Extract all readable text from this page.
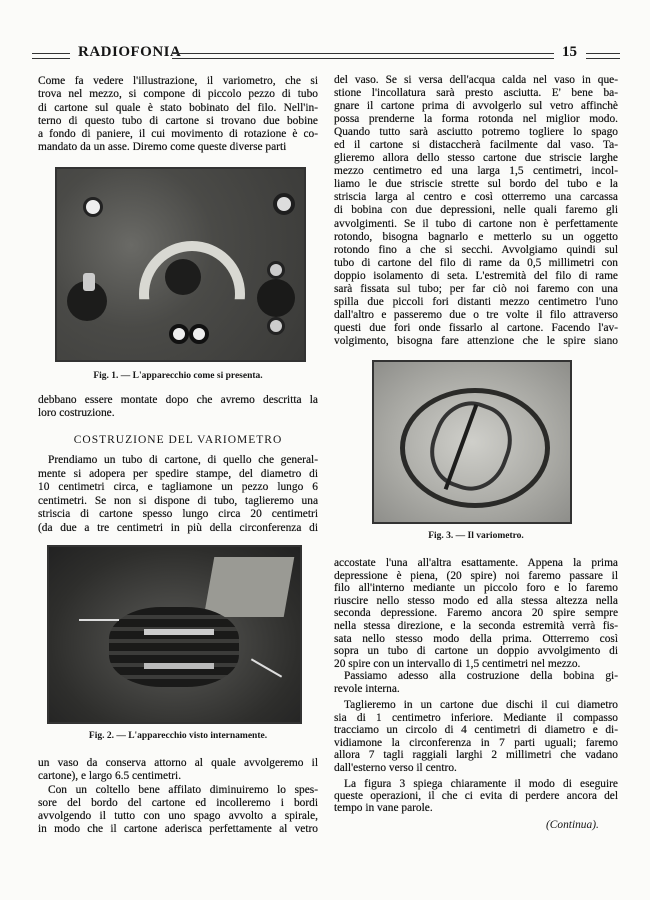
RADIOFONIA	15
Come fa vedere l'illustrazione, il variometro, che si
trova nel mezzo, si compone di piccolo pezzo di tubo
di cartone sul quale è stato bobinato del filo. Nell'in-
terno di questo tubo di cartone si trovano due bobine
a fondo di paniere, il cui movimento di rotazione è co-
mandato da un asse. Diremo come queste diverse parti
Fig. 1. — L'apparecchio come si presenta.
debbano essere montate dopo che avremo descritta la
loro costruzione.
COSTRUZIONE DEL VARIOMETRO
Prendiamo un tubo di cartone, di quello che general-
mente si adopera per spedire stampe, del diametro di
10 centimetri circa, e tagliamone un pezzo lungo 6
centimetri. Se non si dispone di tubo, taglieremo una
striscia di cartone spesso lungo circa 20 centimetri
(da due a tre centimetri in più della circonferenza di
Fig. 2. — L'apparecchio visto internamente.
un vaso da conserva attorno al quale avvolgeremo il
cartone), e largo 6.5 centimetri.
Con un coltello bene affilato diminuiremo lo spes-
sore del bordo del cartone ed incolleremo i bordi
avvolgendo il tutto con uno spago avvolto a spirale,
in modo che il cartone aderisca perfettamente al vetro
del vaso. Se si versa dell'acqua calda nel vaso in que-
stione l'incollatura sarà presto asciutta. E' bene ba-
gnare il cartone prima di avvolgerlo sul vetro affinchè
possa prenderne la forma rotonda nel miglior modo.
Quando tutto sarà asciutto potremo togliere lo spago
ed il cartone si distaccherà facilmente dal vaso. Ta-
glieremo allora dello stesso cartone due striscie larghe
mezzo centimetro ed una larga 1,5 centimetri, incol-
liamo le due striscie strette sul bordo del tubo e la
striscia larga al centro e così otterremo una carcassa
di bobina con due depressioni, nelle quali faremo gli
avvolgimenti. Se il tubo di cartone non è perfettamente
rotondo, bisogna bagnarlo e metterlo su un oggetto
rotondo fino a che si secchi. Avvolgiamo quindi sul
tubo di cartone del filo di rame da 0,5 millimetri con
doppio isolamento di seta. L'estremità del filo di rame
sarà fissata sul tubo; per far ciò noi faremo con una
spilla due piccoli fori distanti mezzo centimetro l'uno
dall'altro e passeremo due o tre volte il filo attraverso
questi due fori onde fissarlo al cartone. Facendo l'av-
volgimento, bisogna fare attenzione che le spire siano
Fig. 3. — Il variometro.
accostate l'una all'altra esattamente. Appena la prima
depressione è piena, (20 spire) noi faremo passare il
filo all'interno mediante un piccolo foro e lo faremo
riuscire nello stesso modo ed alla stessa altezza nella
seconda depressione. Faremo ancora 20 spire sempre
nella stessa direzione, e la seconda estremità verrà fis-
sata nello stesso modo della prima. Otterremo così
sopra un tubo di cartone un doppio avvolgimento di
20 spire con un intervallo di 1,5 centimetri nel mezzo.
Passiamo adesso alla costruzione della bobina gi-
revole interna.
Taglieremo in un cartone due dischi il cui diametro
sia di 1 centimetro inferiore. Mediante il compasso
tracciamo un circolo di 4 centimetri di diametro e di-
vidiamone la circonferenza in 7 parti uguali; faremo
allora 7 tagli raggiali larghi 2 millimetri che vadano
dall'esterno verso il centro.
La figura 3 spiega chiaramente il modo di eseguire
queste operazioni, il che ci evita di perdere ancora del
tempo in vane parole.
(Continua).
